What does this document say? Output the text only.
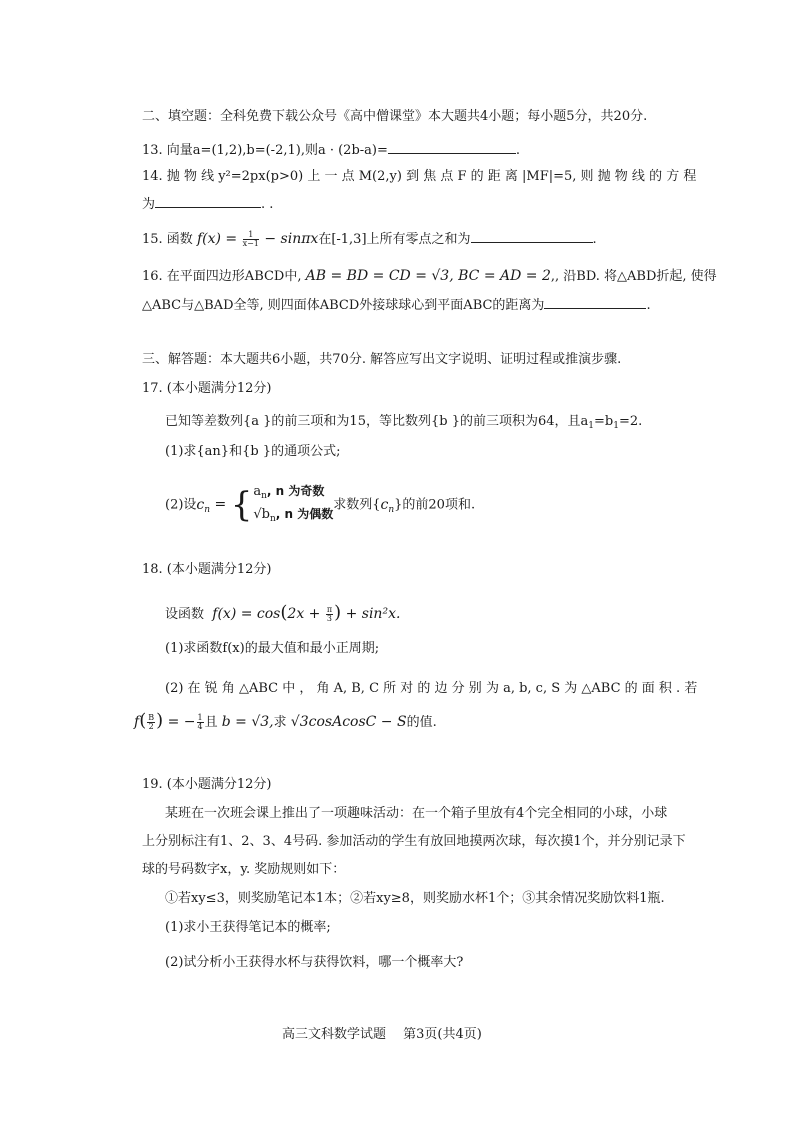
二、填空题：全科免费下载公众号《高中僧课堂》本大题共4小题；每小题5分，共20分.
13. 向量a=(1,2),b=(-2,1),则a · (2b-a)=	.
14. 抛 物 线 y²=2px(p>0) 上 一 点 M(2,y) 到 焦 点 F 的 距 离 |MF|=5, 则 抛 物 线 的 方 程
为	. .
15. 函数 $f(x) = \frac{1}{x-1} - \sin\pi x$在[-1,3]上所有零点之和为	.
16. 在平面四边形ABCD中, AB = BD = CD = √3, BC = AD = 2,, 沿BD. 将△ABD折起, 使得
△ABC与△BAD全等, 则四面体ABCD外接球球心到平面ABC的距离为	.
三、解答题：本大题共6小题，共70分. 解答应写出文字说明、证明过程或推演步骤.
17. (本小题满分12分)
已知等差数列{a }的前三项和为15，等比数列{b }的前三项积为64，且$a_1=b_1=2$.
(1)求{an}和{b }的通项公式;
(2)设$c_n$ = { $a_n$, n 为奇数
$√b_n$, n 为偶数
求数列$\{c_n\}$的前20项和.
18. (本小题满分12分)
设函数 $f(x) = \cos(2x + \frac{\pi}{3}$ ) + sin²x.
(1)求函数f(x)的最大值和最小正周期;
(2) 在 锐 角 △ABC 中 ， 角 A, B, C 所 对 的 边 分 别 为 a, b, c, S 为 △ABC 的 面 积 . 若
$f( \frac{B}{2}$ ) = − $\frac{1}{4}$ 且 b = √3,求 √3cosAcosC − S的值.
19. (本小题满分12分)
某班在一次班会课上推出了一项趣味活动：在一个箱子里放有4个完全相同的小球，小球
上分别标注有1、2、3、4号码. 参加活动的学生有放回地摸两次球，每次摸1个，并分别记录下
球的号码数字x，y. 奖励规则如下：
①若xy≤3，则奖励笔记本1本；②若xy≥8，则奖励水杯1个；③其余情况奖励饮料1瓶.
(1)求小王获得笔记本的概率;
(2)试分析小王获得水杯与获得饮料，哪一个概率大?
高三文科数学试题　 第3页(共4页)
